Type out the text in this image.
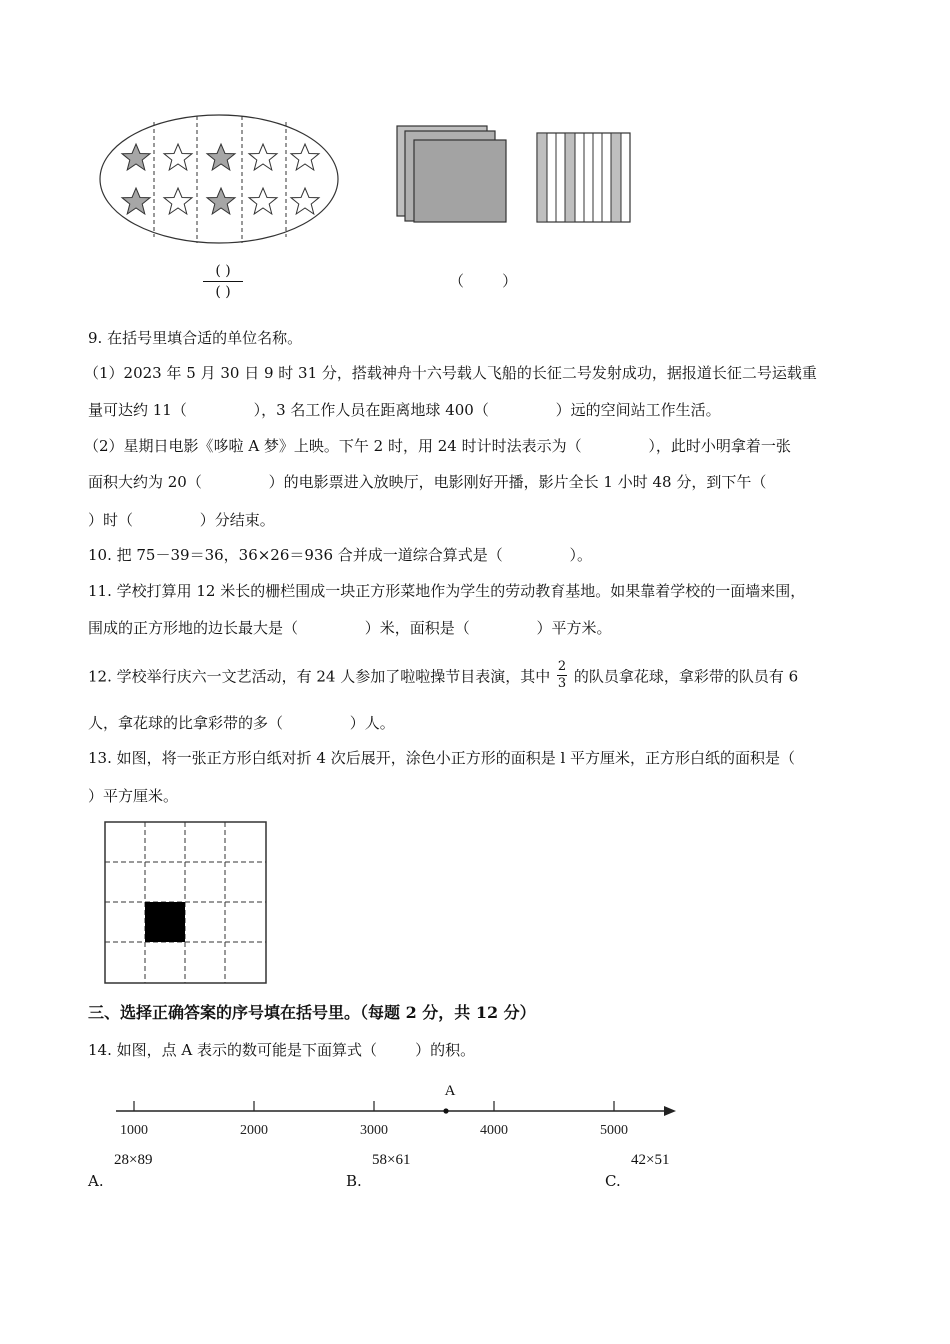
( )
( )
（        ）
9. 在括号里填合适的单位名称。
（1）2023 年 5 月 30 日 9 时 31 分，搭载神舟十六号载人飞船的长征二号发射成功，据报道长征二号运载重
量可达约 11（              ），3 名工作人员在距离地球 400（              ）远的空间站工作生活。
（2）星期日电影《哆啦 A 梦》上映。下午 2 时，用 24 时计时法表示为（              ），此时小明拿着一张
面积大约为 20（              ）的电影票进入放映厅，电影刚好开播，影片全长 1 小时 48 分，到下午（
）时（              ）分结束。
10. 把 75－39＝36，36×26＝936 合并成一道综合算式是（              ）。
11. 学校打算用 12 米长的栅栏围成一块正方形菜地作为学生的劳动教育基地。如果靠着学校的一面墙来围，
围成的正方形地的边长最大是（              ）米，面积是（              ）平方米。
12. 学校举行庆六一文艺活动，有 24 人参加了啦啦操节目表演，其中 $\frac{2}{3}$ 的队员拿花球，拿彩带的队员有 6
人，拿花球的比拿彩带的多（              ）人。
13. 如图，将一张正方形白纸对折 4 次后展开，涂色小正方形的面积是 l 平方厘米，正方形白纸的面积是（
）平方厘米。
三、选择正确答案的序号填在括号里。（每题 2 分，共 12 分）
14. 如图，点 A 表示的数可能是下面算式（        ）的积。
1000	2000	3000	4000	5000
A
A.
28×89
B.
58×61
C.
42×51
